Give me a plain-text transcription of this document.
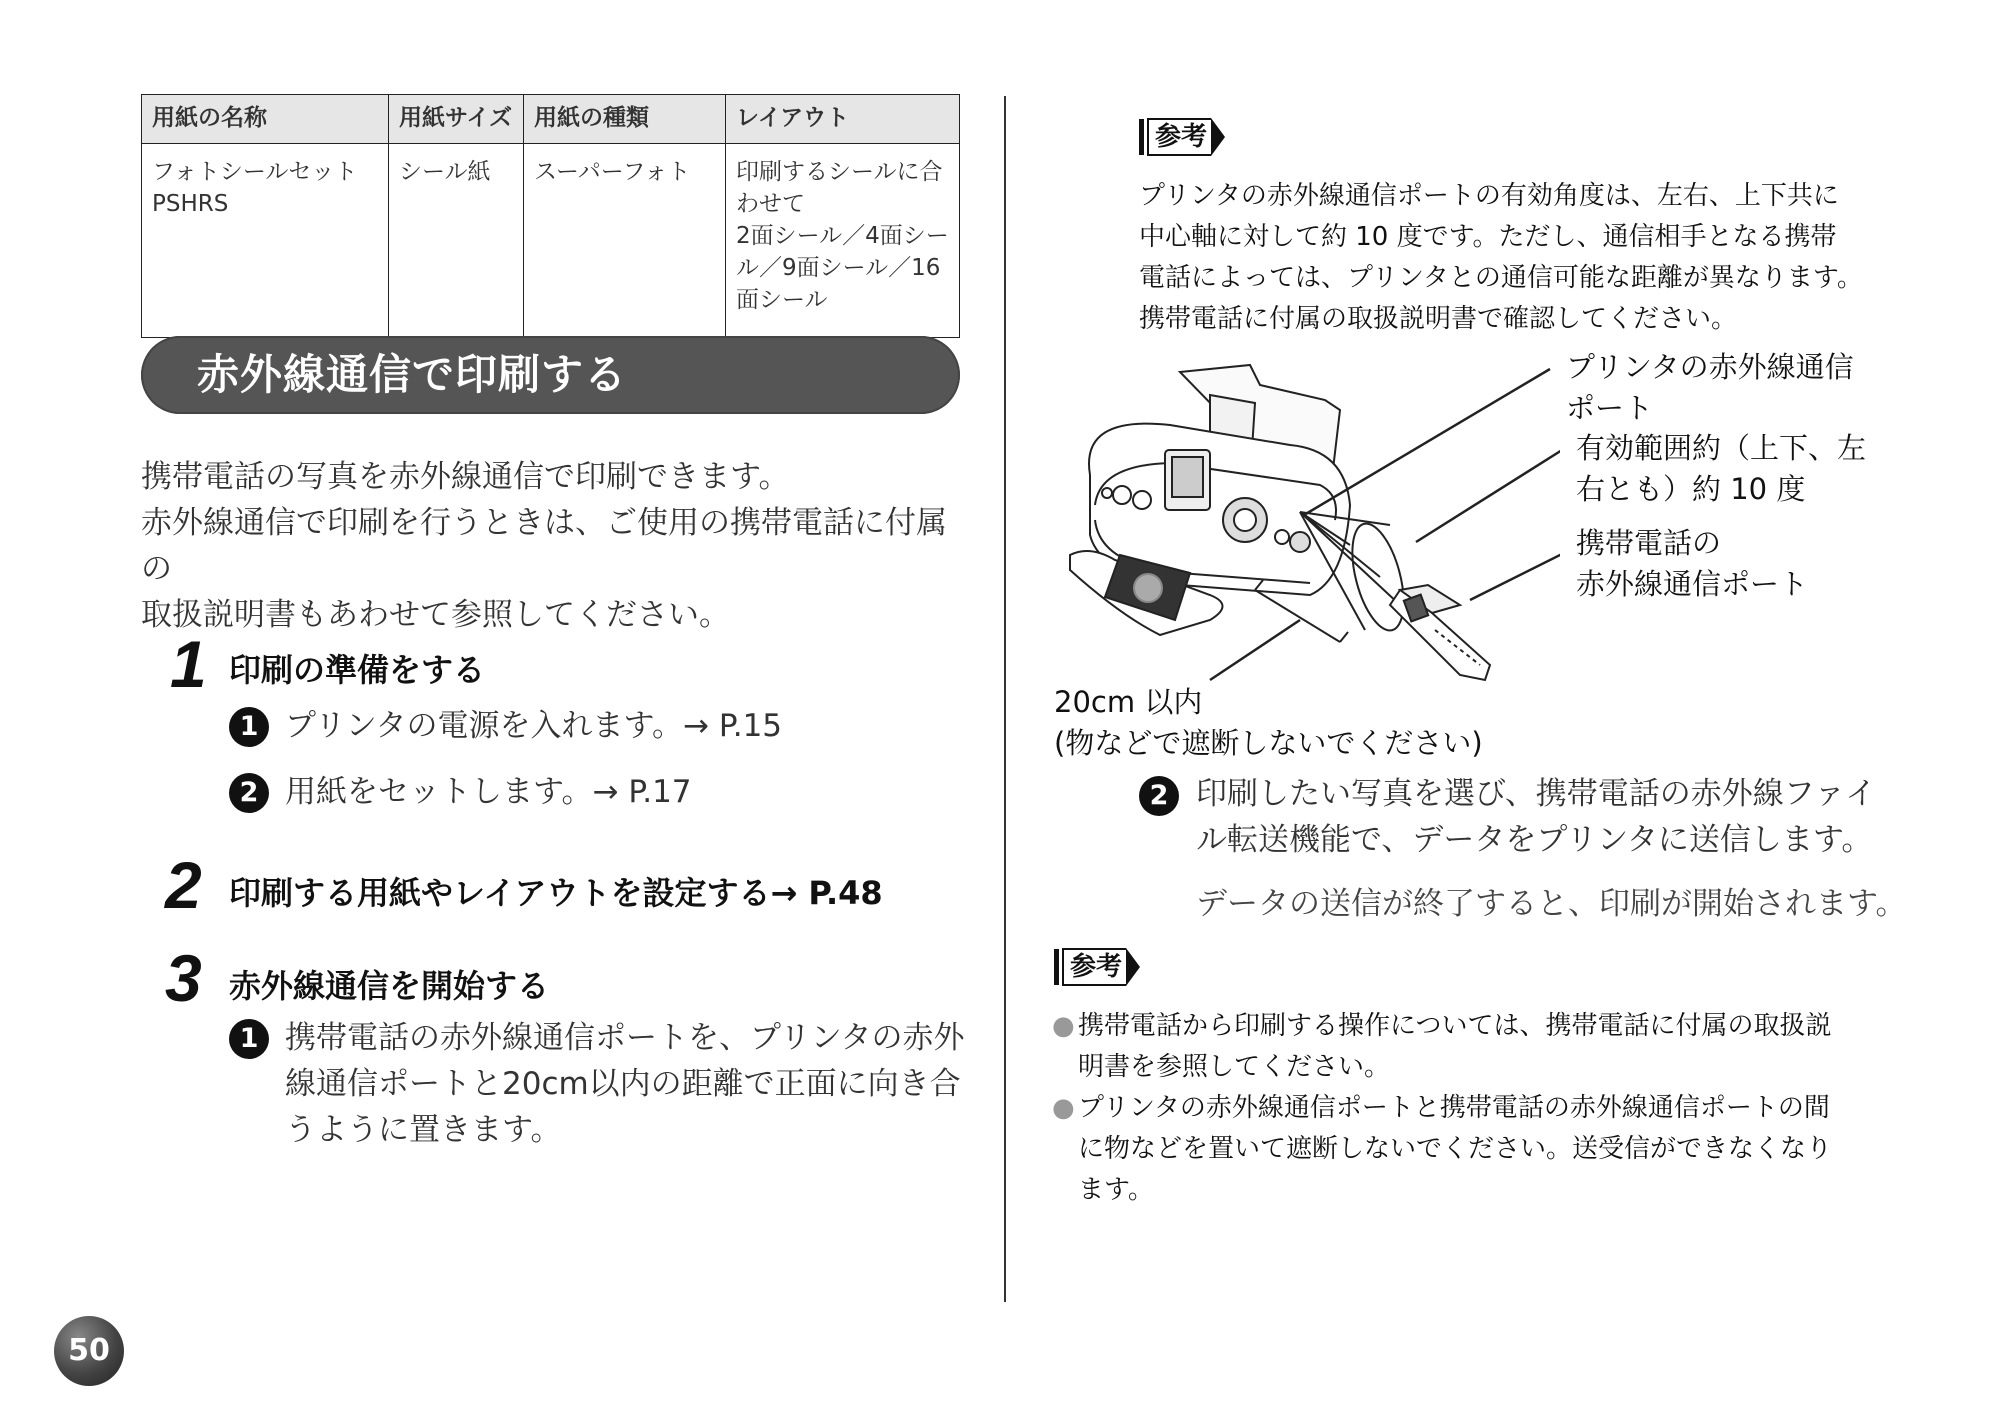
用紙の名称	用紙サイズ	用紙の種類	レイアウト
フォトシールセット
PSHRS	シール紙	スーパーフォト	印刷するシールに合
わせて
2面シール／4面シー
ル／9面シール／16
面シール
赤外線通信で印刷する
携帯電話の写真を赤外線通信で印刷できます。
赤外線通信で印刷を行うときは、ご使用の携帯電話に付属の
取扱説明書もあわせて参照してください。
1 印刷の準備をする
1 プリンタの電源を入れます。→ P.15
2 用紙をセットします。→ P.17
2 印刷する用紙やレイアウトを設定する→ P.48
3 赤外線通信を開始する
1 携帯電話の赤外線通信ポートを、プリンタの赤外
線通信ポートと20cm以内の距離で正面に向き合
うように置きます。
参考
プリンタの赤外線通信ポートの有効角度は、左右、上下共に
中心軸に対して約 10 度です。ただし、通信相手となる携帯
電話によっては、プリンタとの通信可能な距離が異なります。
携帯電話に付属の取扱説明書で確認してください。
プリンタの赤外線通信
ポート
有効範囲約（上下、左
右とも）約 10 度
携帯電話の
赤外線通信ポート
20cm 以内
(物などで遮断しないでください)
2 印刷したい写真を選び、携帯電話の赤外線ファイ
ル転送機能で、データをプリンタに送信します。
データの送信が終了すると、印刷が開始されます。
参考
● 携帯電話から印刷する操作については、携帯電話に付属の取扱説
明書を参照してください。
● プリンタの赤外線通信ポートと携帯電話の赤外線通信ポートの間
に物などを置いて遮断しないでください。送受信ができなくなり
ます。
50
